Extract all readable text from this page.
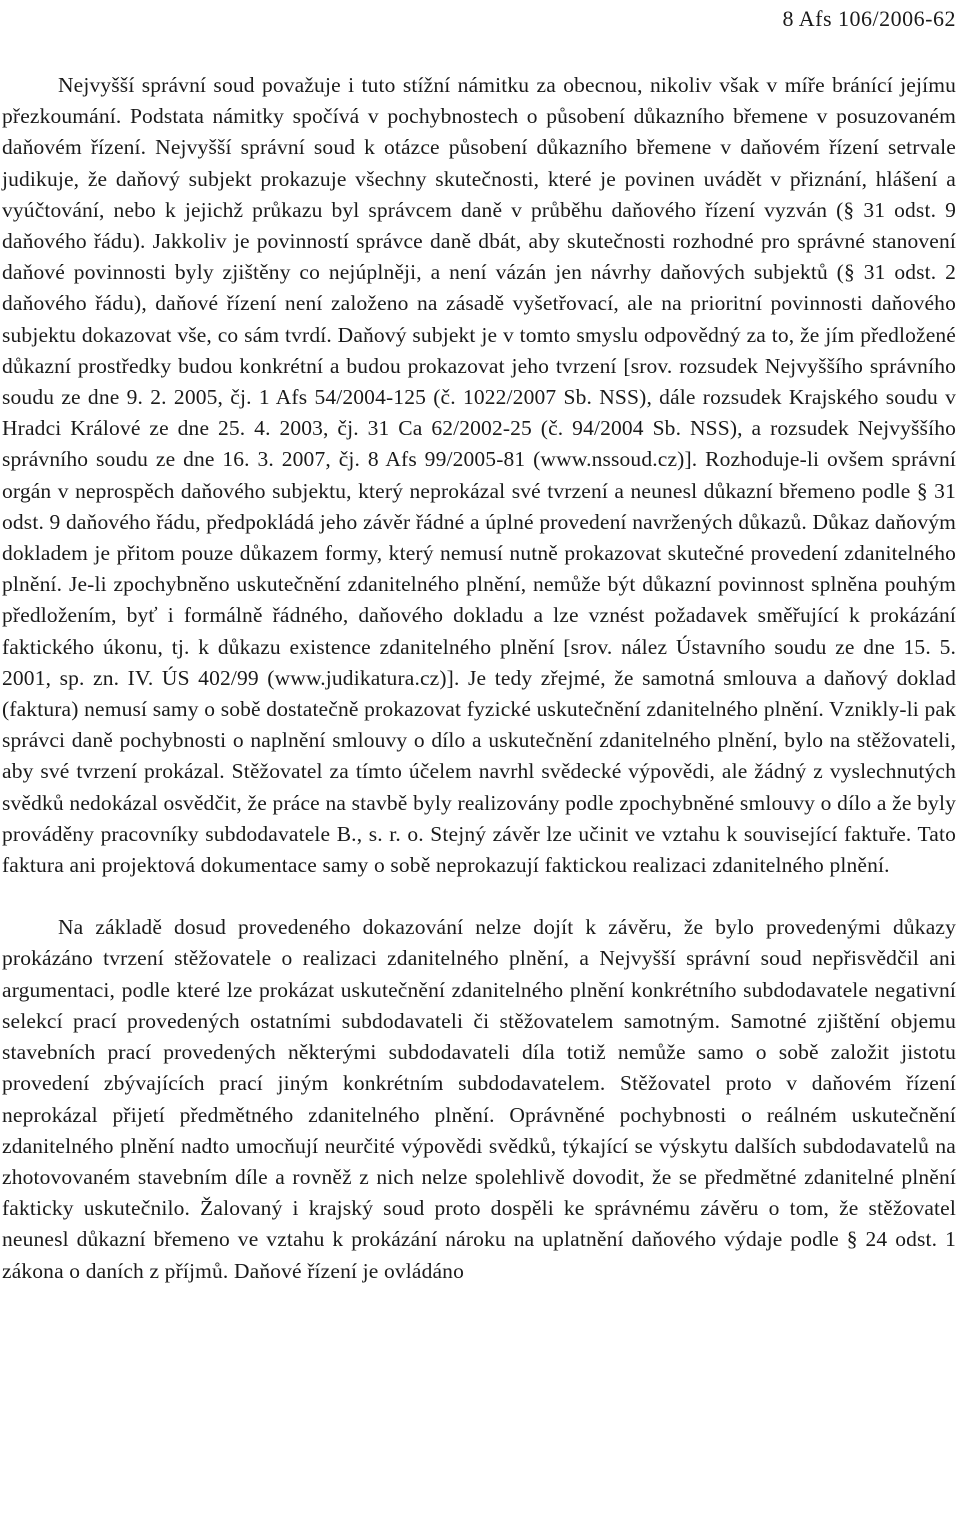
8 Afs 106/2006-62

Nejvyšší správní soud považuje i tuto stížní námitku za obecnou, nikoliv však v míře bránící jejímu přezkoumání. Podstata námitky spočívá v pochybnostech o působení důkazního břemene v posuzovaném daňovém řízení. Nejvyšší správní soud k otázce působení důkazního břemene v daňovém řízení setrvale judikuje, že daňový subjekt prokazuje všechny skutečnosti, které je povinen uvádět v přiznání, hlášení a vyúčtování, nebo k jejichž průkazu byl správcem daně v průběhu daňového řízení vyzván (§ 31 odst. 9 daňového řádu). Jakkoliv je povinností správce daně dbát, aby skutečnosti rozhodné pro správné stanovení daňové povinnosti byly zjištěny co nejúplněji, a není vázán jen návrhy daňových subjektů (§ 31 odst. 2 daňového řádu), daňové řízení není založeno na zásadě vyšetřovací, ale na prioritní povinnosti daňového subjektu dokazovat vše, co sám tvrdí. Daňový subjekt je v tomto smyslu odpovědný za to, že jím předložené důkazní prostředky budou konkrétní a budou prokazovat jeho tvrzení [srov. rozsudek Nejvyššího správního soudu ze dne 9. 2. 2005, čj. 1 Afs 54/2004-125 (č. 1022/2007 Sb. NSS), dále rozsudek Krajského soudu v Hradci Králové ze dne 25. 4. 2003, čj. 31 Ca 62/2002-25 (č. 94/2004 Sb. NSS), a rozsudek Nejvyššího správního soudu ze dne 16. 3. 2007, čj. 8 Afs 99/2005-81 (www.nssoud.cz)]. Rozhoduje-li ovšem správní orgán v neprospěch daňového subjektu, který neprokázal své tvrzení a neunesl důkazní břemeno podle § 31 odst. 9 daňového řádu, předpokládá jeho závěr řádné a úplné provedení navržených důkazů. Důkaz daňovým dokladem je přitom pouze důkazem formy, který nemusí nutně prokazovat skutečné provedení zdanitelného plnění. Je-li zpochybněno uskutečnění zdanitelného plnění, nemůže být důkazní povinnost splněna pouhým předložením, byť i formálně řádného, daňového dokladu a lze vznést požadavek směřující k prokázání faktického úkonu, tj. k důkazu existence zdanitelného plnění [srov. nález Ústavního soudu ze dne 15. 5. 2001, sp. zn. IV. ÚS 402/99 (www.judikatura.cz)]. Je tedy zřejmé, že samotná smlouva a daňový doklad (faktura) nemusí samy o sobě dostatečně prokazovat fyzické uskutečnění zdanitelného plnění. Vznikly-li pak správci daně pochybnosti o naplnění smlouvy o dílo a uskutečnění zdanitelného plnění, bylo na stěžovateli, aby své tvrzení prokázal. Stěžovatel za tímto účelem navrhl svědecké výpovědi, ale žádný z vyslechnutých svědků nedokázal osvědčit, že práce na stavbě byly realizovány podle zpochybněné smlouvy o dílo a že byly prováděny pracovníky subdodavatele B., s. r. o. Stejný závěr lze učinit ve vztahu k související faktuře. Tato faktura ani projektová dokumentace samy o sobě neprokazují faktickou realizaci zdanitelného plnění.

Na základě dosud provedeného dokazování nelze dojít k závěru, že bylo provedenými důkazy prokázáno tvrzení stěžovatele o realizaci zdanitelného plnění, a Nejvyšší správní soud nepřisvědčil ani argumentaci, podle které lze prokázat uskutečnění zdanitelného plnění konkrétního subdodavatele negativní selekcí prací provedených ostatními subdodavateli či stěžovatelem samotným. Samotné zjištění objemu stavebních prací provedených některými subdodavateli díla totiž nemůže samo o sobě založit jistotu provedení zbývajících prací jiným konkrétním subdodavatelem. Stěžovatel proto v daňovém řízení neprokázal přijetí předmětného zdanitelného plnění. Oprávněné pochybnosti o reálném uskutečnění zdanitelného plnění nadto umocňují neurčité výpovědi svědků, týkající se výskytu dalších subdodavatelů na zhotovovaném stavebním díle a rovněž z nich nelze spolehlivě dovodit, že se předmětné zdanitelné plnění fakticky uskutečnilo. Žalovaný i krajský soud proto dospěli ke správnému závěru o tom, že stěžovatel neunesl důkazní břemeno ve vztahu k prokázání nároku na uplatnění daňového výdaje podle § 24 odst. 1 zákona o daních z příjmů. Daňové řízení je ovládáno
